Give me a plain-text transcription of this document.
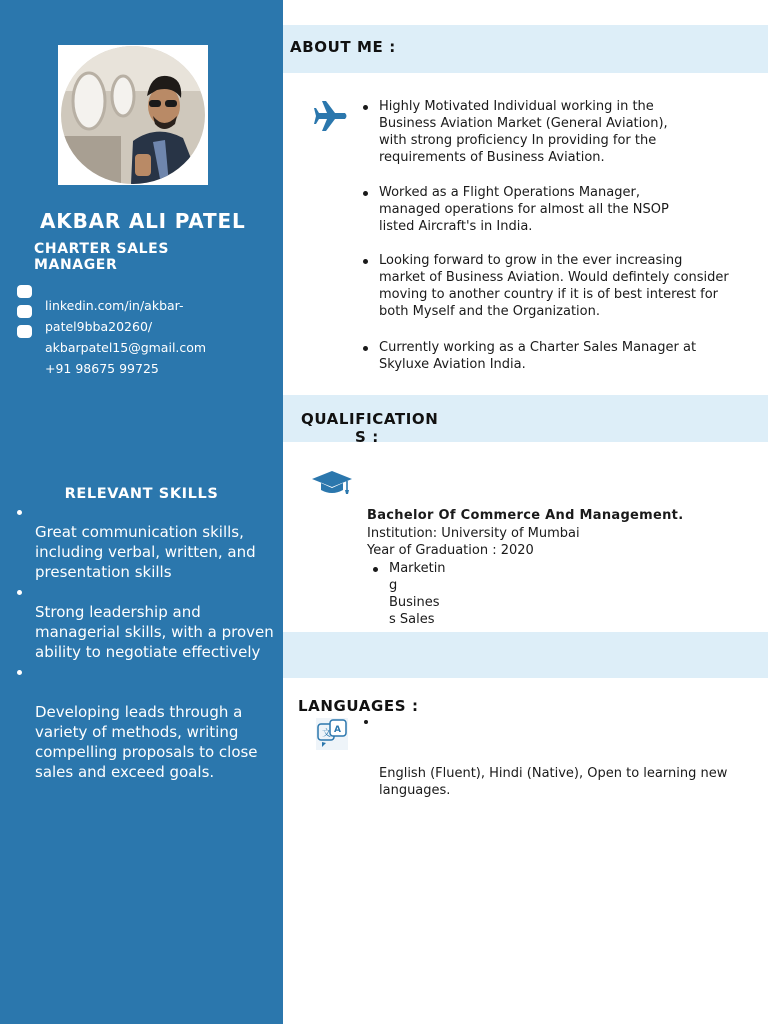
AKBAR ALI PATEL
CHARTER SALES MANAGER
linkedin.com/in/akbar-
patel9bba20260/
akbarpatel15@gmail.com
+91 98675 99725
RELEVANT SKILLS
Great communication skills, including verbal, written, and presentation skills
Strong leadership and managerial skills, with a proven ability to negotiate effectively
Developing leads through a variety of methods, writing compelling proposals to close sales and exceed goals.
ABOUT ME :
Highly Motivated Individual working in the Business Aviation Market (General Aviation), with strong proficiency In providing for the requirements of Business Aviation.
Worked as a Flight Operations Manager, managed operations for almost all the NSOP listed Aircraft's in India.
Looking forward to grow in the ever increasing market of Business Aviation. Would defintely consider moving to another country if it is of best interest for both Myself and the Organization.
Currently working as a Charter Sales Manager at Skyluxe Aviation India.
QUALIFICATION
S :
Bachelor Of Commerce And Management.
Institution: University of Mumbai
Year of Graduation : 2020
Marketin
g
Busines
s Sales
LANGUAGES :
文 A
English (Fluent), Hindi (Native), Open to learning new languages.
